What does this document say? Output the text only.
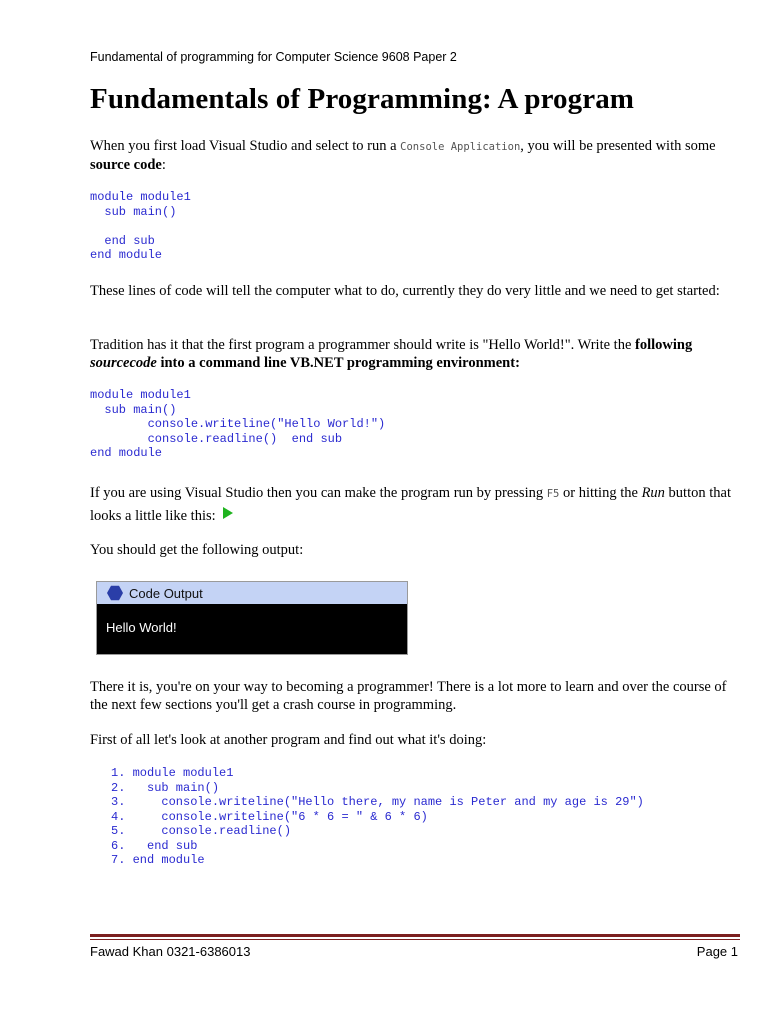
Fundamental of programming for Computer Science 9608 Paper 2
Fundamentals of Programming: A program

When you first load Visual Studio and select to run a Console Application, you will be presented with some source code:

module module1
sub main()

end sub
end module

These lines of code will tell the computer what to do, currently they do very little and we need to get started:

Tradition has it that the first program a programmer should write is "Hello World!". Write the following sourcecode into a command line VB.NET programming environment:

module module1
sub main()
console.writeline("Hello World!")
console.readline()  end sub
end module

If you are using Visual Studio then you can make the program run by pressing F5 or hitting the Run button that looks a little like this:

You should get the following output:

Code Output
Hello World!

There it is, you're on your way to becoming a programmer! There is a lot more to learn and over the course of the next few sections you'll get a crash course in programming.

First of all let's look at another program and find out what it's doing:

1. module module1
2.   sub main()
3.     console.writeline("Hello there, my name is Peter and my age is 29")
4.     console.writeline("6 * 6 = " & 6 * 6)
5.     console.readline()
6.   end sub
7. end module
Fawad Khan 0321-6386013	Page 1
